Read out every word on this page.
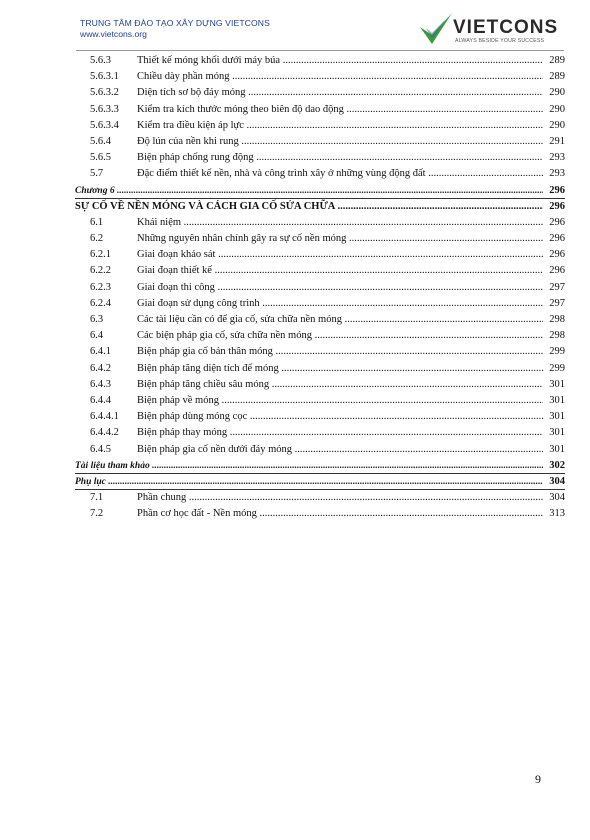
TRUNG TÂM ĐÀO TẠO XÂY DỰNG VIETCONS
www.vietcons.org	VIETCONS
ALWAYS BESIDE YOUR SUCCESS
5.6.3 Thiết kế móng khối dưới máy búa .....	289
5.6.3.1 Chiều dày phần móng .....	289
5.6.3.2 Diện tích sơ bộ đáy móng .....	290
5.6.3.3 Kiểm tra kích thước móng theo biên độ dao động .....	290
5.6.3.4 Kiểm tra điều kiện áp lực .....	290
5.6.4 Độ lún của nền khi rung .....	291
5.6.5 Biện pháp chống rung động .....	293
5.7	Đặc điểm thiết kế nền, nhà và công trình xây ở những vùng động đất .....	293
Chương 6 .....	296
SỰ CỐ VỀ NỀN MÓNG VÀ CÁCH GIA CỐ SỬA CHỮA .....	296
6.1	Khái niệm .....	296
6.2	Những nguyên nhân chính gây ra sự cố nền móng .....	296
6.2.1 Giai đoạn khảo sát .....	296
6.2.2 Giai đoạn thiết kế .....	296
6.2.3 Giai đoạn thi công .....	297
6.2.4 Giai đoạn sử dụng công trình .....	297
6.3	Các tài liệu cần có để gia cố, sửa chữa nền móng .....	298
6.4	Các biện pháp gia cố, sửa chữa nền móng .....	298
6.4.1 Biện pháp gia cố bản thân móng .....	299
6.4.2 Biện pháp tăng diện tích đế móng .....	299
6.4.3 Biện pháp tăng chiều sâu móng .....	301
6.4.4 Biện pháp về móng .....	301
6.4.4.1 Biện pháp dùng móng cọc .....	301
6.4.4.2 Biện pháp thay móng .....	301
6.4.5 Biện pháp gia cố nền dưới đáy móng .....	301
Tài liệu tham khảo .....	302
Phụ lục .....	304
7.1	Phần chung .....	304
7.2	Phần cơ học đất - Nền móng .....	313
9
